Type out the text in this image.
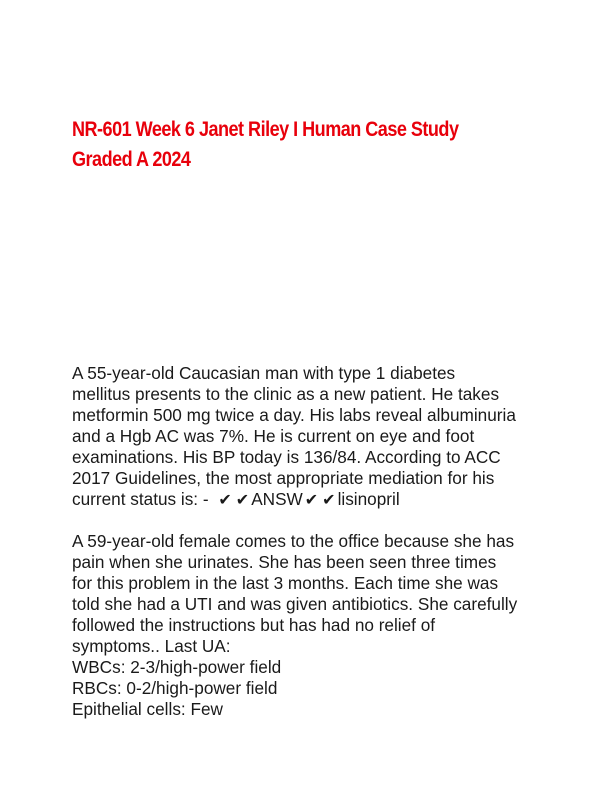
NR-601 Week 6 Janet Riley I Human Case Study
Graded A 2024
A 55-year-old Caucasian man with type 1 diabetes
mellitus presents to the clinic as a new patient. He takes
metformin 500 mg twice a day. His labs reveal albuminuria
and a Hgb AC was 7%. He is current on eye and foot
examinations. His BP today is 136/84. According to ACC
2017 Guidelines, the most appropriate mediation for his
current status is: - ✔ ✔ ANSW ✔ ✔ lisinopril
A 59-year-old female comes to the office because she has
pain when she urinates. She has been seen three times
for this problem in the last 3 months. Each time she was
told she had a UTI and was given antibiotics. She carefully
followed the instructions but has had no relief of
symptoms.. Last UA:
WBCs: 2-3/high-power field
RBCs: 0-2/high-power field
Epithelial cells: Few
